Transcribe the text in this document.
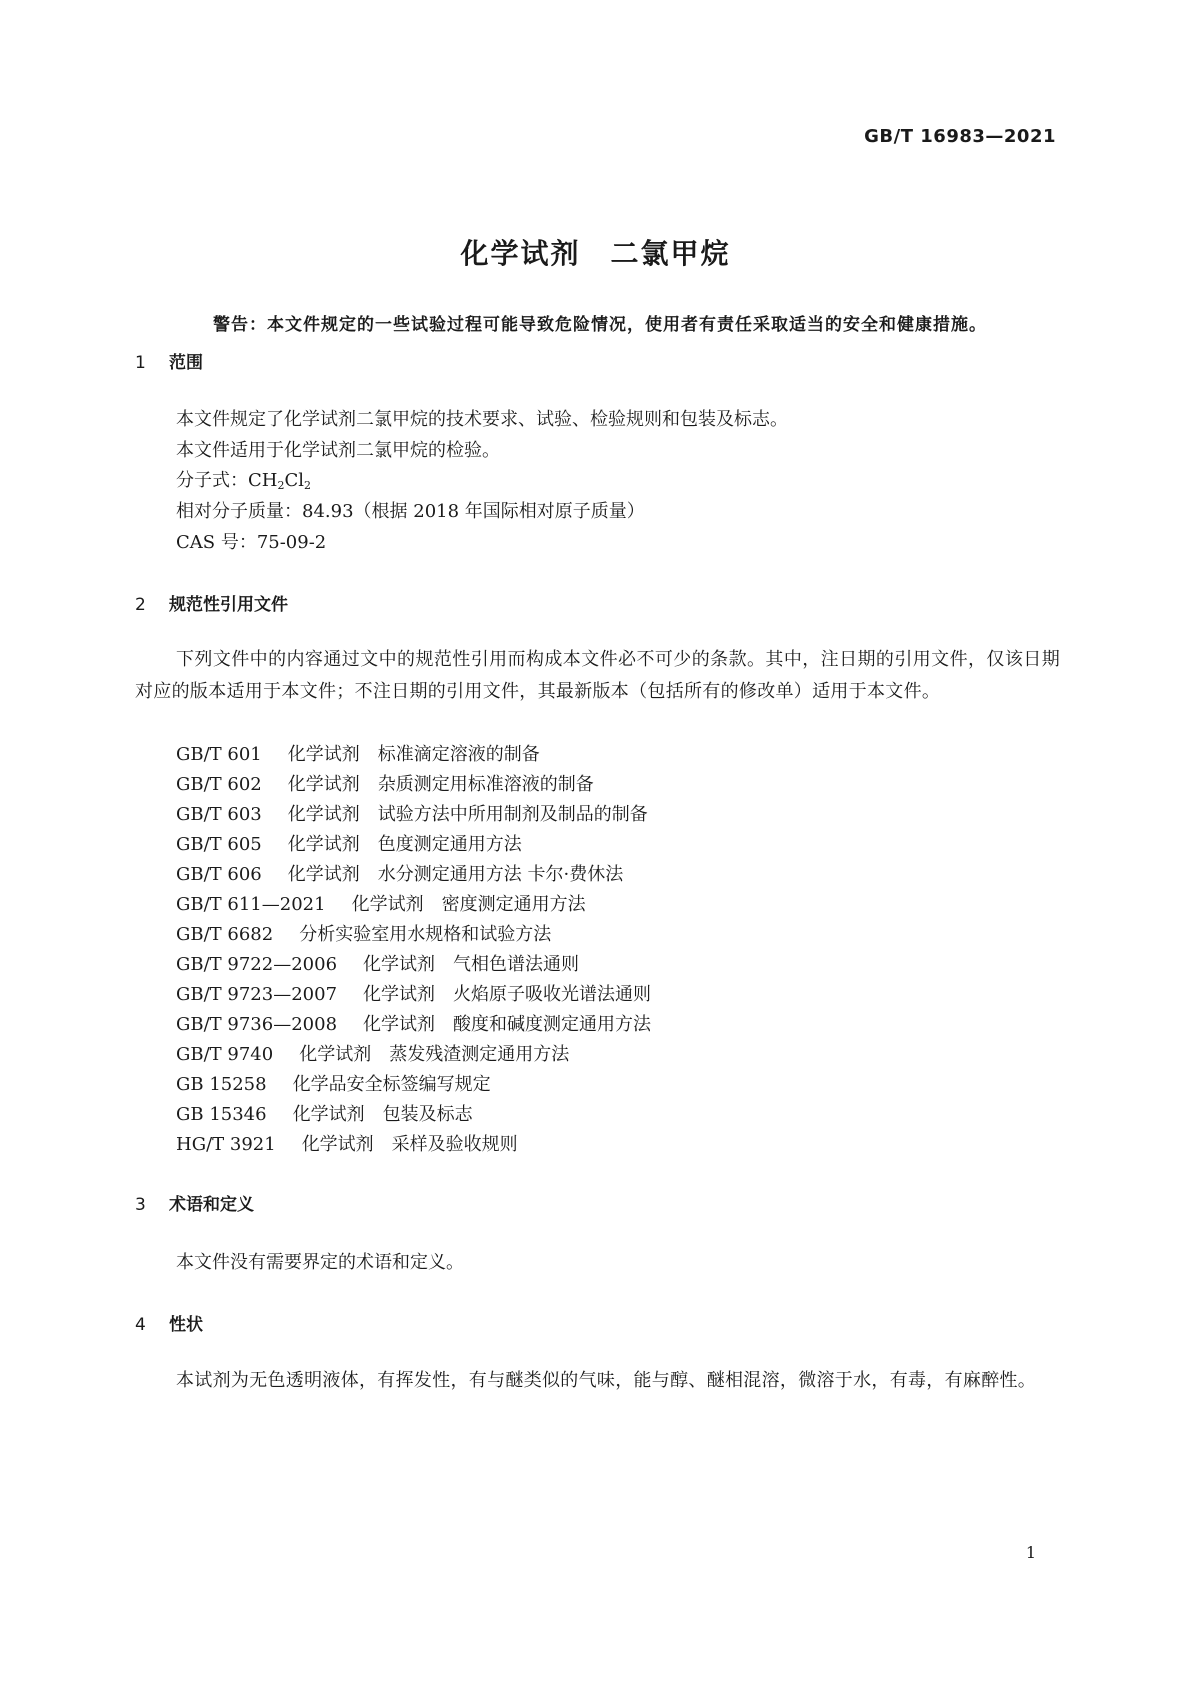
GB/T 16983—2021
化学试剂　二氯甲烷
警告：本文件规定的一些试验过程可能导致危险情况，使用者有责任采取适当的安全和健康措施。
1 范围
本文件规定了化学试剂二氯甲烷的技术要求、试验、检验规则和包装及标志。
本文件适用于化学试剂二氯甲烷的检验。
分子式：$CH_2Cl_2$
相对分子质量：84.93（根据 2018 年国际相对原子质量）
CAS 号：75-09-2
2 规范性引用文件
下列文件中的内容通过文中的规范性引用而构成本文件必不可少的条款。其中，注日期的引用文件，仅该日期对应的版本适用于本文件；不注日期的引用文件，其最新版本（包括所有的修改单）适用于本文件。
GB/T 601 化学试剂　标准滴定溶液的制备
GB/T 602 化学试剂　杂质测定用标准溶液的制备
GB/T 603 化学试剂　试验方法中所用制剂及制品的制备
GB/T 605 化学试剂　色度测定通用方法
GB/T 606 化学试剂　水分测定通用方法 卡尔·费休法
GB/T 611—2021 化学试剂　密度测定通用方法
GB/T 6682 分析实验室用水规格和试验方法
GB/T 9722—2006 化学试剂　气相色谱法通则
GB/T 9723—2007 化学试剂　火焰原子吸收光谱法通则
GB/T 9736—2008 化学试剂　酸度和碱度测定通用方法
GB/T 9740 化学试剂　蒸发残渣测定通用方法
GB 15258 化学品安全标签编写规定
GB 15346 化学试剂　包装及标志
HG/T 3921 化学试剂　采样及验收规则
3 术语和定义
本文件没有需要界定的术语和定义。
4 性状
本试剂为无色透明液体，有挥发性，有与醚类似的气味，能与醇、醚相混溶，微溶于水，有毒，有麻醉性。
1
